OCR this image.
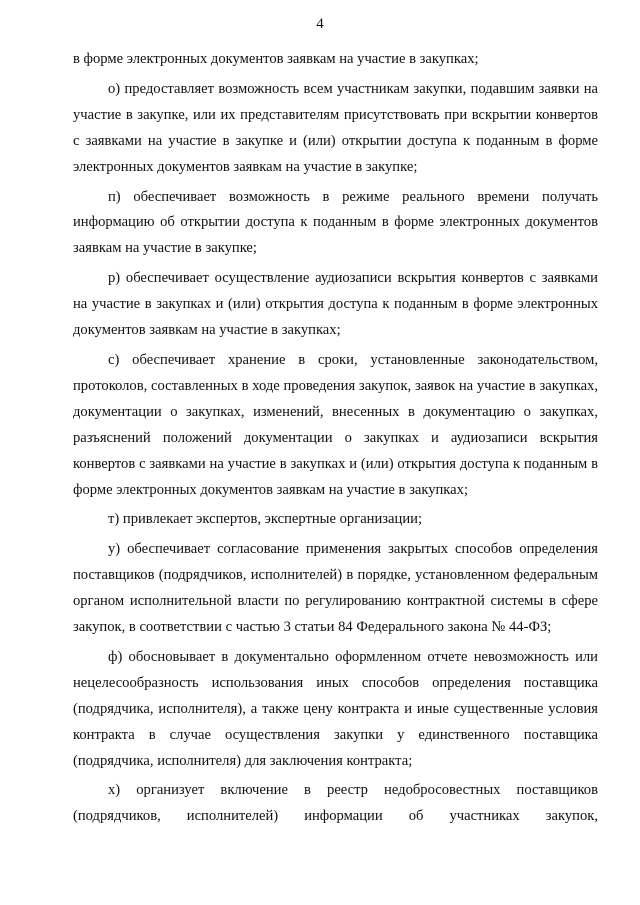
4

в форме электронных документов заявкам на участие в закупках;

о) предоставляет возможность всем участникам закупки, подавшим заявки на участие в закупке, или их представителям присутствовать при вскрытии конвертов с заявками на участие в закупке и (или) открытии доступа к поданным в форме электронных документов заявкам на участие в закупке;

п) обеспечивает возможность в режиме реального времени получать информацию об открытии доступа к поданным в форме электронных документов заявкам на участие в закупке;

р) обеспечивает осуществление аудиозаписи вскрытия конвертов с заявками на участие в закупках и (или) открытия доступа к поданным в форме электронных документов заявкам на участие в закупках;

с) обеспечивает хранение в сроки, установленные законодательством, протоколов, составленных в ходе проведения закупок, заявок на участие в закупках, документации о закупках, изменений, внесенных в документацию о закупках, разъяснений положений документации о закупках и аудиозаписи вскрытия конвертов с заявками на участие в закупках и (или) открытия доступа к поданным в форме электронных документов заявкам на участие в закупках;

т) привлекает экспертов, экспертные организации;

у) обеспечивает согласование применения закрытых способов определения поставщиков (подрядчиков, исполнителей) в порядке, установленном федеральным органом исполнительной власти по регулированию контрактной системы в сфере закупок, в соответствии с частью 3 статьи 84 Федерального закона № 44-ФЗ;

ф) обосновывает в документально оформленном отчете невозможность или нецелесообразность использования иных способов определения поставщика (подрядчика, исполнителя), а также цену контракта и иные существенные условия контракта в случае осуществления закупки у единственного поставщика (подрядчика, исполнителя) для заключения контракта;

х) организует включение в реестр недобросовестных поставщиков (подрядчиков, исполнителей) информации об участниках закупок,
